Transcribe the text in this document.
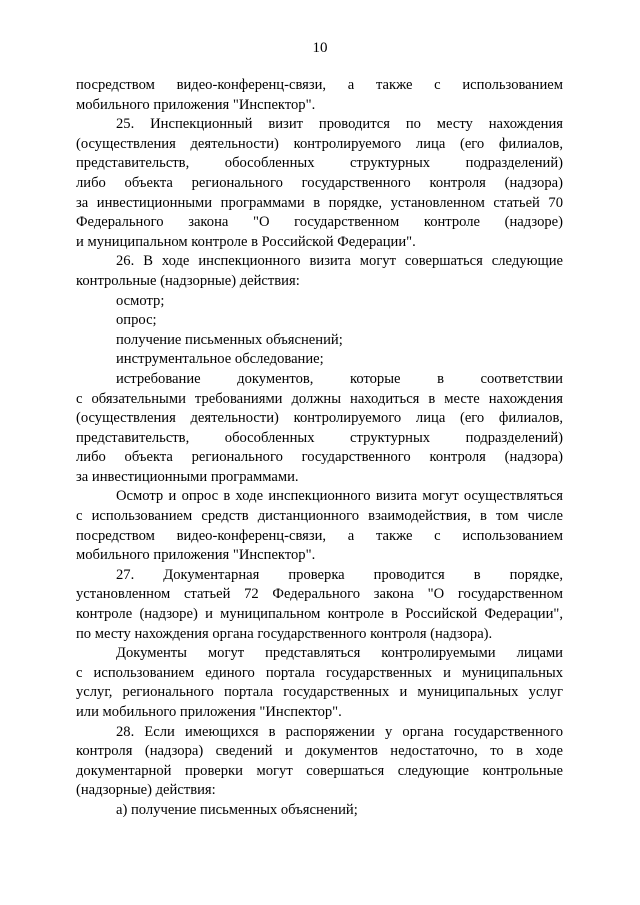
10
посредством видео-конференц-связи, а также с использованием
мобильного приложения "Инспектор".
25. Инспекционный визит проводится по месту нахождения
(осуществления деятельности) контролируемого лица (его филиалов,
представительств, обособленных структурных подразделений)
либо объекта регионального государственного контроля (надзора)
за инвестиционными программами в порядке, установленном статьей 70
Федерального закона "О государственном контроле (надзоре)
и муниципальном контроле в Российской Федерации".
26. В ходе инспекционного визита могут совершаться следующие
контрольные (надзорные) действия:
осмотр;
опрос;
получение письменных объяснений;
инструментальное обследование;
истребование документов, которые в соответствии
с обязательными требованиями должны находиться в месте нахождения
(осуществления деятельности) контролируемого лица (его филиалов,
представительств, обособленных структурных подразделений)
либо объекта регионального государственного контроля (надзора)
за инвестиционными программами.
Осмотр и опрос в ходе инспекционного визита могут осуществляться
с использованием средств дистанционного взаимодействия, в том числе
посредством видео-конференц-связи, а также с использованием
мобильного приложения "Инспектор".
27. Документарная проверка проводится в порядке,
установленном статьей 72 Федерального закона "О государственном
контроле (надзоре) и муниципальном контроле в Российской Федерации",
по месту нахождения органа государственного контроля (надзора).
Документы могут представляться контролируемыми лицами
с использованием единого портала государственных и муниципальных
услуг, регионального портала государственных и муниципальных услуг
или мобильного приложения "Инспектор".
28. Если имеющихся в распоряжении у органа государственного
контроля (надзора) сведений и документов недостаточно, то в ходе
документарной проверки могут совершаться следующие контрольные
(надзорные) действия:
а) получение письменных объяснений;
